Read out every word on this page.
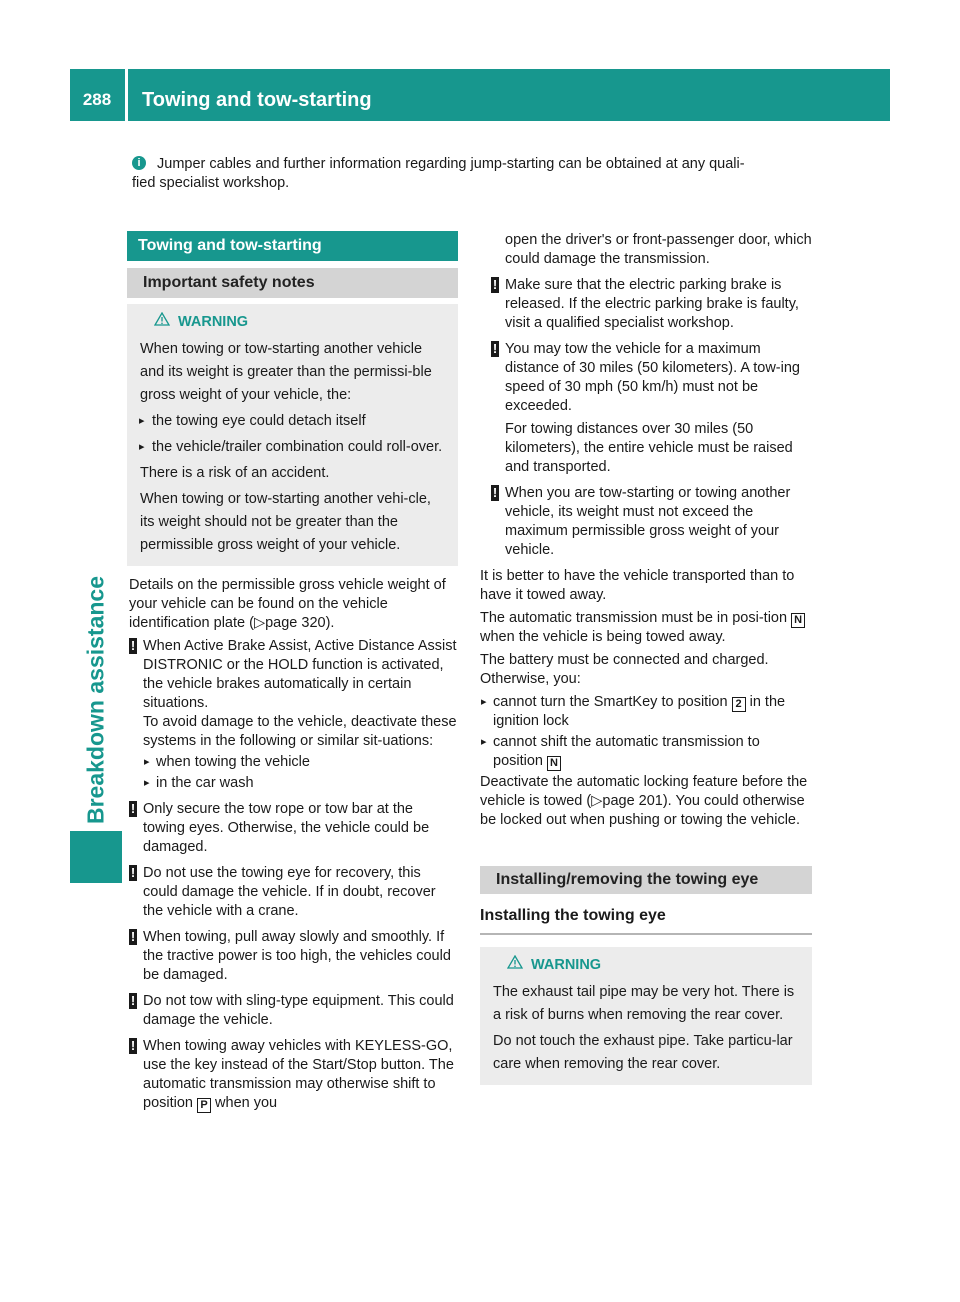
288	Towing and tow-starting
Breakdown assistance
i	Jumper cables and further information regarding jump-starting can be obtained at any quali-

fied specialist workshop.

Towing and tow-starting
Important safety notes
WARNING

When towing or tow-starting another vehicle and its weight is greater than the permissi-ble gross weight of your vehicle, the:

▸ the towing eye could detach itself
▸ the vehicle/trailer combination could roll-over.

There is a risk of an accident.

When towing or tow-starting another vehi-cle, its weight should not be greater than the permissible gross weight of your vehicle.

Details on the permissible gross vehicle weight of your vehicle can be found on the vehicle identification plate (▷page 320).

! When Active Brake Assist, Active Distance Assist DISTRONIC or the HOLD function is activated, the vehicle brakes automatically in certain situations.

To avoid damage to the vehicle, deactivate these systems in the following or similar sit-uations:

▸ when towing the vehicle
▸ in the car wash
! Only secure the tow rope or tow bar at the towing eyes. Otherwise, the vehicle could be damaged.

! Do not use the towing eye for recovery, this could damage the vehicle. If in doubt, recover the vehicle with a crane.

! When towing, pull away slowly and smoothly. If the tractive power is too high, the vehicles could be damaged.

! Do not tow with sling-type equipment. This could damage the vehicle.

! When towing away vehicles with KEYLESS-GO, use the key instead of the Start/Stop button. The automatic transmission may otherwise shift to position P when you

open the driver's or front-passenger door, which could damage the transmission.

! Make sure that the electric parking brake is released. If the electric parking brake is faulty, visit a qualified specialist workshop.

! You may tow the vehicle for a maximum distance of 30 miles (50 kilometers). A tow-ing speed of 30 mph (50 km/h) must not be exceeded.

For towing distances over 30 miles (50 kilometers), the entire vehicle must be raised and transported.

! When you are tow-starting or towing another vehicle, its weight must not exceed the maximum permissible gross weight of your vehicle.

It is better to have the vehicle transported than to have it towed away.

The automatic transmission must be in posi-tion N when the vehicle is being towed away.

The battery must be connected and charged. Otherwise, you:

▸ cannot turn the SmartKey to position 2 in the ignition lock
▸ cannot shift the automatic transmission to position N

Deactivate the automatic locking feature before the vehicle is towed (▷page 201). You could otherwise be locked out when pushing or towing the vehicle.

Installing/removing the towing eye
Installing the towing eye
WARNING

The exhaust tail pipe may be very hot. There is a risk of burns when removing the rear cover.

Do not touch the exhaust pipe. Take particu-lar care when removing the rear cover.
